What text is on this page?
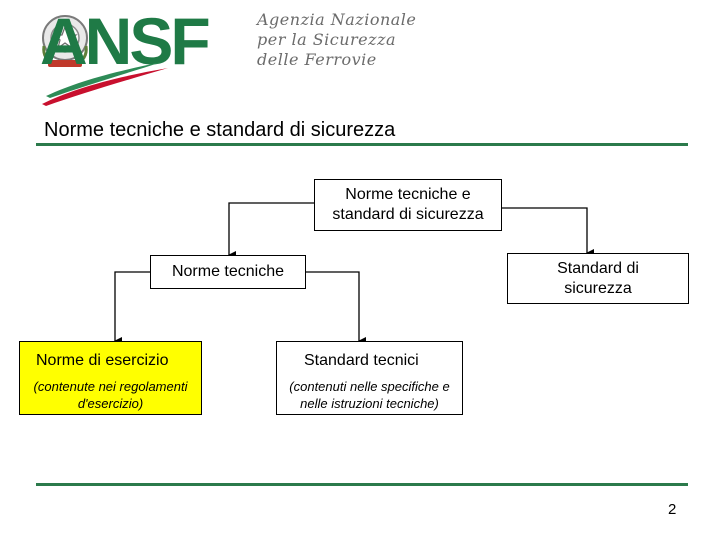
ANSF	Agenzia Nazionale
per la Sicurezza
delle Ferrovie
Norme tecniche e standard di sicurezza
Norme tecniche e
standard di sicurezza
Norme tecniche	Standard di
sicurezza
Norme di esercizio
(contenute nei regolamenti
d'esercizio)
Standard tecnici
(contenuti nelle specifiche e
nelle istruzioni tecniche)
2
